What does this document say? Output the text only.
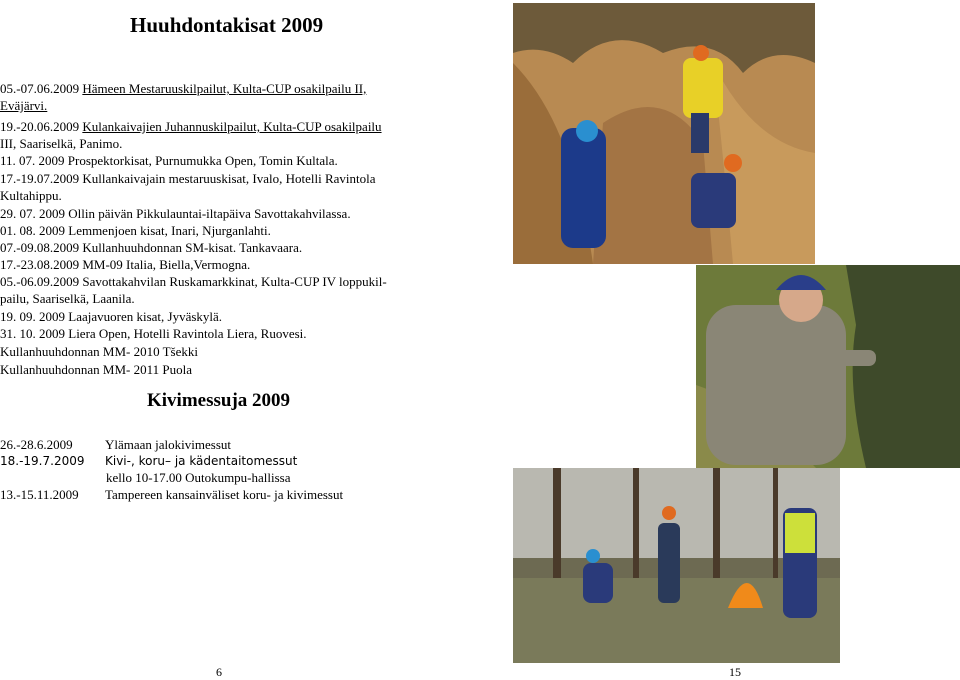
Huuhdontakisat 2009
05.-07.06.2009 Hämeen Mestaruuskilpailut, Kulta-CUP osakilpailu II,
Eväjärvi.
19.-20.06.2009 Kulankaivajien Juhannuskilpailut, Kulta-CUP osakilpailu
III, Saariselkä, Panimo.
11. 07. 2009 Prospektorkisat, Purnumukka Open, Tomin Kultala.
17.-19.07.2009 Kullankaivajain mestaruuskisat, Ivalo, Hotelli Ravintola
Kultahippu.
29. 07. 2009 Ollin päivän Pikkulauntai-iltapäiva Savottakahvilassa.
01. 08. 2009 Lemmenjoen kisat, Inari, Njurganlahti.
07.-09.08.2009 Kullanhuuhdonnan SM-kisat. Tankavaara.
17.-23.08.2009 MM-09 Italia, Biella,Vermogna.
05.-06.09.2009 Savottakahvilan Ruskamarkkinat, Kulta-CUP IV loppukil-
pailu, Saariselkä, Laanila.
19. 09. 2009 Laajavuoren kisat, Jyväskylä.
31. 10. 2009 Liera Open, Hotelli Ravintola Liera, Ruovesi.
Kullanhuuhdonnan MM- 2010 Tšekki
Kullanhuuhdonnan MM- 2011 Puola
Kivimessuja 2009
26.-28.6.2009 Ylämaan jalokivimessut
18.-19.7.2009 Kivi-, koru– ja kädentaitomessut
kello 10-17.00 Outokumpu-hallissa
13.-15.11.2009 Tampereen kansainväliset koru- ja kivimessut
6	15
